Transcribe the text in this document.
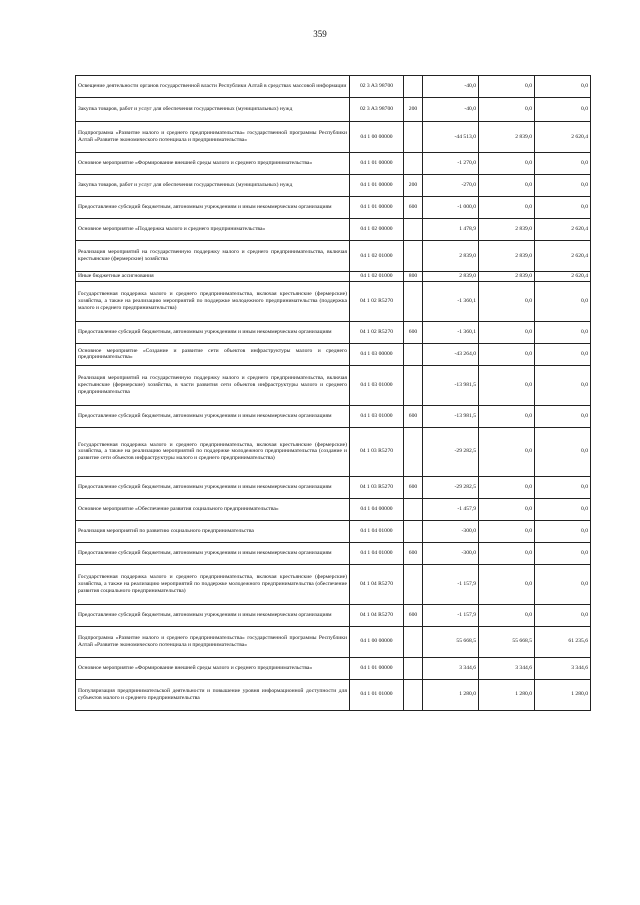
359
Освещение деятельности органов государственной власти Республики Алтай в средствах массовой информации	02 3 A3 98700		-40,0	0,0	0,0
Закупка товаров, работ и услуг для обеспечения государственных (муниципальных) нужд	02 3 A3 98700	200	-40,0	0,0	0,0
Подпрограмма «Развитие малого и среднего предпринимательства» государственной программы Республики Алтай «Развитие экономического потенциала и предпринимательства»	04 1 00 00000		-44 513,0	2 839,0	2 620,4
Основное мероприятие «Формирование внешней среды малого и среднего предпринимательства»	04 1 01 00000		-1 270,0	0,0	0,0
Закупка товаров, работ и услуг для обеспечения государственных (муниципальных) нужд	04 1 01 00000	200	-270,0	0,0	0,0
Предоставление субсидий бюджетным, автономным учреждениям и иным некоммерческим организациям	04 1 01 00000	600	-1 000,0	0,0	0,0
Основное мероприятие «Поддержка малого и среднего предпринимательства»	04 1 02 00000		1 478,9	2 839,0	2 620,4
Реализация мероприятий на государственную поддержку малого и среднего предпринимательства, включая крестьянские (фермерские) хозяйства	04 1 02 01000		2 839,0	2 839,0	2 620,4
Иные бюджетные ассигнования	04 1 02 01000	800	2 839,0	2 839,0	2 620,4
Государственная поддержка малого и среднего предпринимательства, включая крестьянские (фермерские) хозяйства, а также на реализацию мероприятий по поддержке молодежного предпринимательства (поддержка малого и среднего предпринимательства)	04 1 02 R5270		-1 360,1	0,0	0,0
Предоставление субсидий бюджетным, автономным учреждениям и иным некоммерческим организациям	04 1 02 R5270	600	-1 360,1	0,0	0,0
Основное мероприятие «Создание и развитие сети объектов инфраструктуры малого и среднего предпринимательства»	04 1 03 00000		-43 264,0	0,0	0,0
Реализация мероприятий на государственную поддержку малого и среднего предпринимательства, включая крестьянские (фермерские) хозяйства, в части развития сети объектов инфраструктуры малого и среднего предпринимательства	04 1 03 01000		-13 981,5	0,0	0,0
Предоставление субсидий бюджетным, автономным учреждениям и иным некоммерческим организациям	04 1 03 01000	600	-13 981,5	0,0	0,0
Государственная поддержка малого и среднего предпринимательства, включая крестьянские (фермерские) хозяйства, а также на реализацию мероприятий по поддержке молодежного предпринимательства (создание и развитие сети объектов инфраструктуры малого и среднего предпринимательства)	04 1 03 R5270		-29 282,5	0,0	0,0
Предоставление субсидий бюджетным, автономным учреждениям и иным некоммерческим организациям	04 1 03 R5270	600	-29 282,5	0,0	0,0
Основное мероприятие «Обеспечение развития социального предпринимательства»	04 1 04 00000		-1 457,9	0,0	0,0
Реализация мероприятий по развитию социального предпринимательства	04 1 04 01000		-300,0	0,0	0,0
Предоставление субсидий бюджетным, автономным учреждениям и иным некоммерческим организациям	04 1 04 01000	600	-300,0	0,0	0,0
Государственная поддержка малого и среднего предпринимательства, включая крестьянские (фермерские) хозяйства, а также на реализацию мероприятий по поддержке молодежного предпринимательства (обеспечение развития социального предпринимательства)	04 1 04 R5270		-1 157,9	0,0	0,0
Предоставление субсидий бюджетным, автономным учреждениям и иным некоммерческим организациям	04 1 04 R5270	600	-1 157,9	0,0	0,0
Подпрограмма «Развитие малого и среднего предпринимательства» государственной программы Республики Алтай «Развитие экономического потенциала и предпринимательства»	04 1 00 00000		55 668,5	55 668,5	61 235,6
Основное мероприятие «Формирование внешней среды малого и среднего предпринимательства»	04 1 01 00000		3 344,6	3 344,6	3 344,6
Популяризация предпринимательской деятельности и повышение уровня информационной доступности для субъектов малого и среднего предпринимательства	04 1 01 01000		1 280,0	1 280,0	1 280,0
